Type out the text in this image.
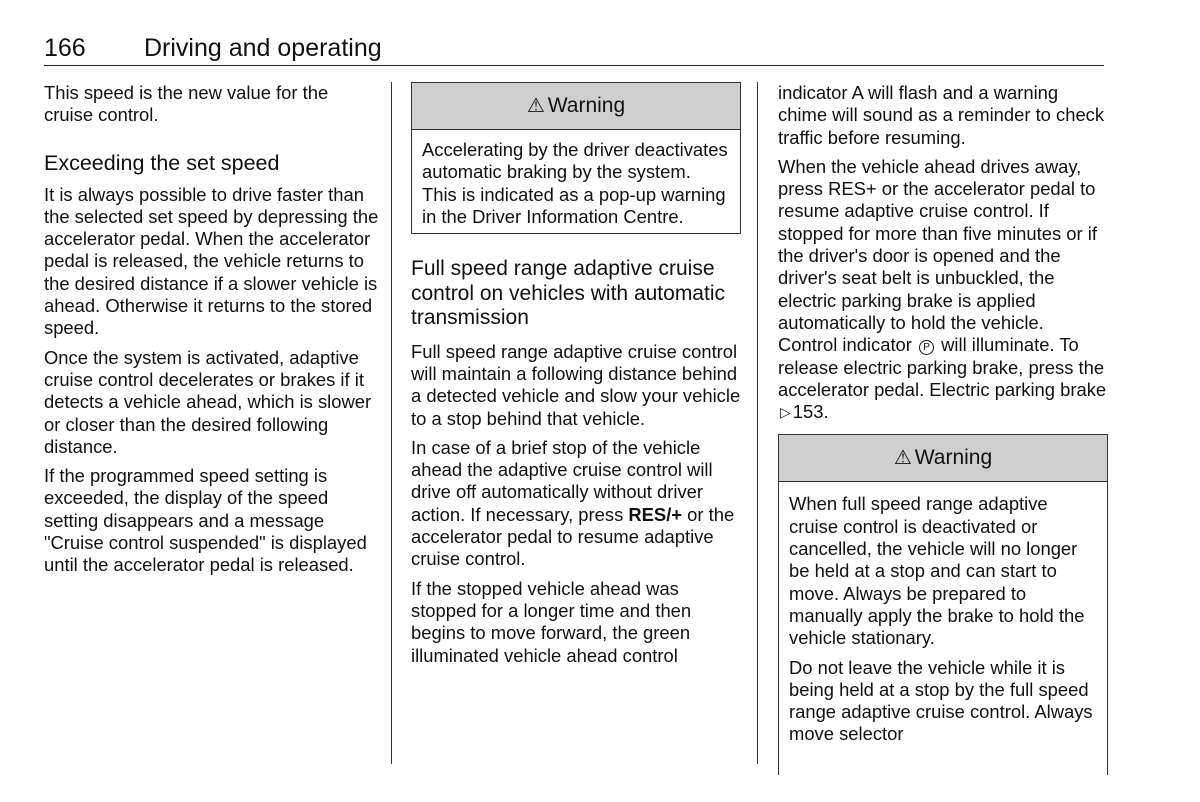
166 Driving and operating

This speed is the new value for the cruise control.

Exceeding the set speed

It is always possible to drive faster than the selected set speed by depressing the accelerator pedal. When the accelerator pedal is released, the vehicle returns to the desired distance if a slower vehicle is ahead. Otherwise it returns to the stored speed.

Once the system is activated, adaptive cruise control decelerates or brakes if it detects a vehicle ahead, which is slower or closer than the desired following distance.

If the programmed speed setting is exceeded, the display of the speed setting disappears and a message "Cruise control suspended" is displayed until the accelerator pedal is released.

⚠ Warning

Accelerating by the driver deactivates automatic braking by the system. This is indicated as a pop-up warning in the Driver Information Centre.

Full speed range adaptive cruise control on vehicles with automatic transmission

Full speed range adaptive cruise control will maintain a following distance behind a detected vehicle and slow your vehicle to a stop behind that vehicle.

In case of a brief stop of the vehicle ahead the adaptive cruise control will drive off automatically without driver action. If necessary, press RES/+ or the accelerator pedal to resume adaptive cruise control.

If the stopped vehicle ahead was stopped for a longer time and then begins to move forward, the green illuminated vehicle ahead control

indicator A will flash and a warning chime will sound as a reminder to check traffic before resuming.

When the vehicle ahead drives away, press RES+ or the accelerator pedal to resume adaptive cruise control. If stopped for more than five minutes or if the driver's door is opened and the driver's seat belt is unbuckled, the electric parking brake is applied automatically to hold the vehicle. Control indicator P will illuminate. To release electric parking brake, press the accelerator pedal. Electric parking brake ▷ 153.

⚠ Warning

When full speed range adaptive cruise control is deactivated or cancelled, the vehicle will no longer be held at a stop and can start to move. Always be prepared to manually apply the brake to hold the vehicle stationary.

Do not leave the vehicle while it is being held at a stop by the full speed range adaptive cruise control. Always move selector
